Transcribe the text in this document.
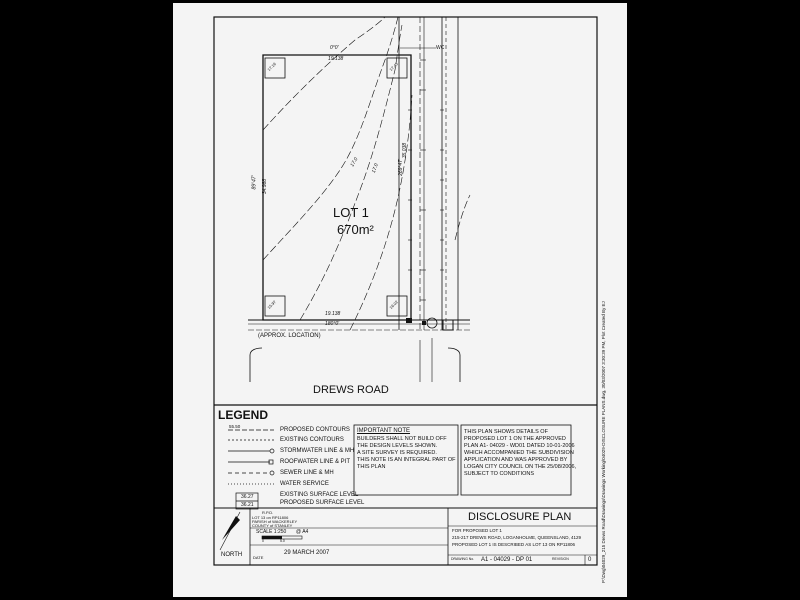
LOT 1
670m²
0°0'
19.138
89°47' 34.988
269°47'
35.038
19.138
180°0'
17.0
17.0
17.16	17.45
15.97	16.02
WC
(APPROX. LOCATION)
DREWS ROAD
LEGEND
55.50
PROPOSED CONTOURS
EXISTING CONTOURS
STORMWATER LINE & MH
ROOFWATER LINE & PIT
SEWER LINE & MH
WATER SERVICE
EXISTING SURFACE LEVEL
PROPOSED SURFACE LEVEL
36.27
36.21
IMPORTANT NOTE
BUILDERS SHALL NOT BUILD OFF
THE DESIGN LEVELS SHOWN.
A SITE SURVEY IS REQUIRED.
THIS NOTE IS AN INTEGRAL PART OF
THIS PLAN
THIS PLAN SHOWS DETAILS OF
PROPOSED LOT 1 ON THE APPROVED
PLAN A1- 04029 - WD01 DATED 10-01-2006
WHICH ACCOMPANIED THE SUBDIVISION
APPLICATION AND WAS APPROVED BY
LOGAN CITY COUNCIL ON THE 25/08/2006,
SUBJECT TO CONDITIONS
R.P.D.
LOT 13 on RP11806
PARISH of WACKERLEY
COUNTY of STANLEY
NORTH
SCALE 1:250 @ A4
0	5.0
DATE
29 MARCH 2007
DISCLOSURE PLAN
FOR PROPOSED LOT 1
215-217 DREWS ROAD, LOGANHOLME, QUEENSLAND, 4129
PROPOSED LOT 1 IS DESCRIBED AS LOT 13 ON RP11806
DRAWING No. A1 - 04029 - DP 01	REVISION	0 P:\Dwg\04029_215 Drews Road\Drawings\Drawings Working\04029-DISCLOSURE PLANS.dwg, 30/03/2007 3:30:39 PM, Plot Created By EJ
